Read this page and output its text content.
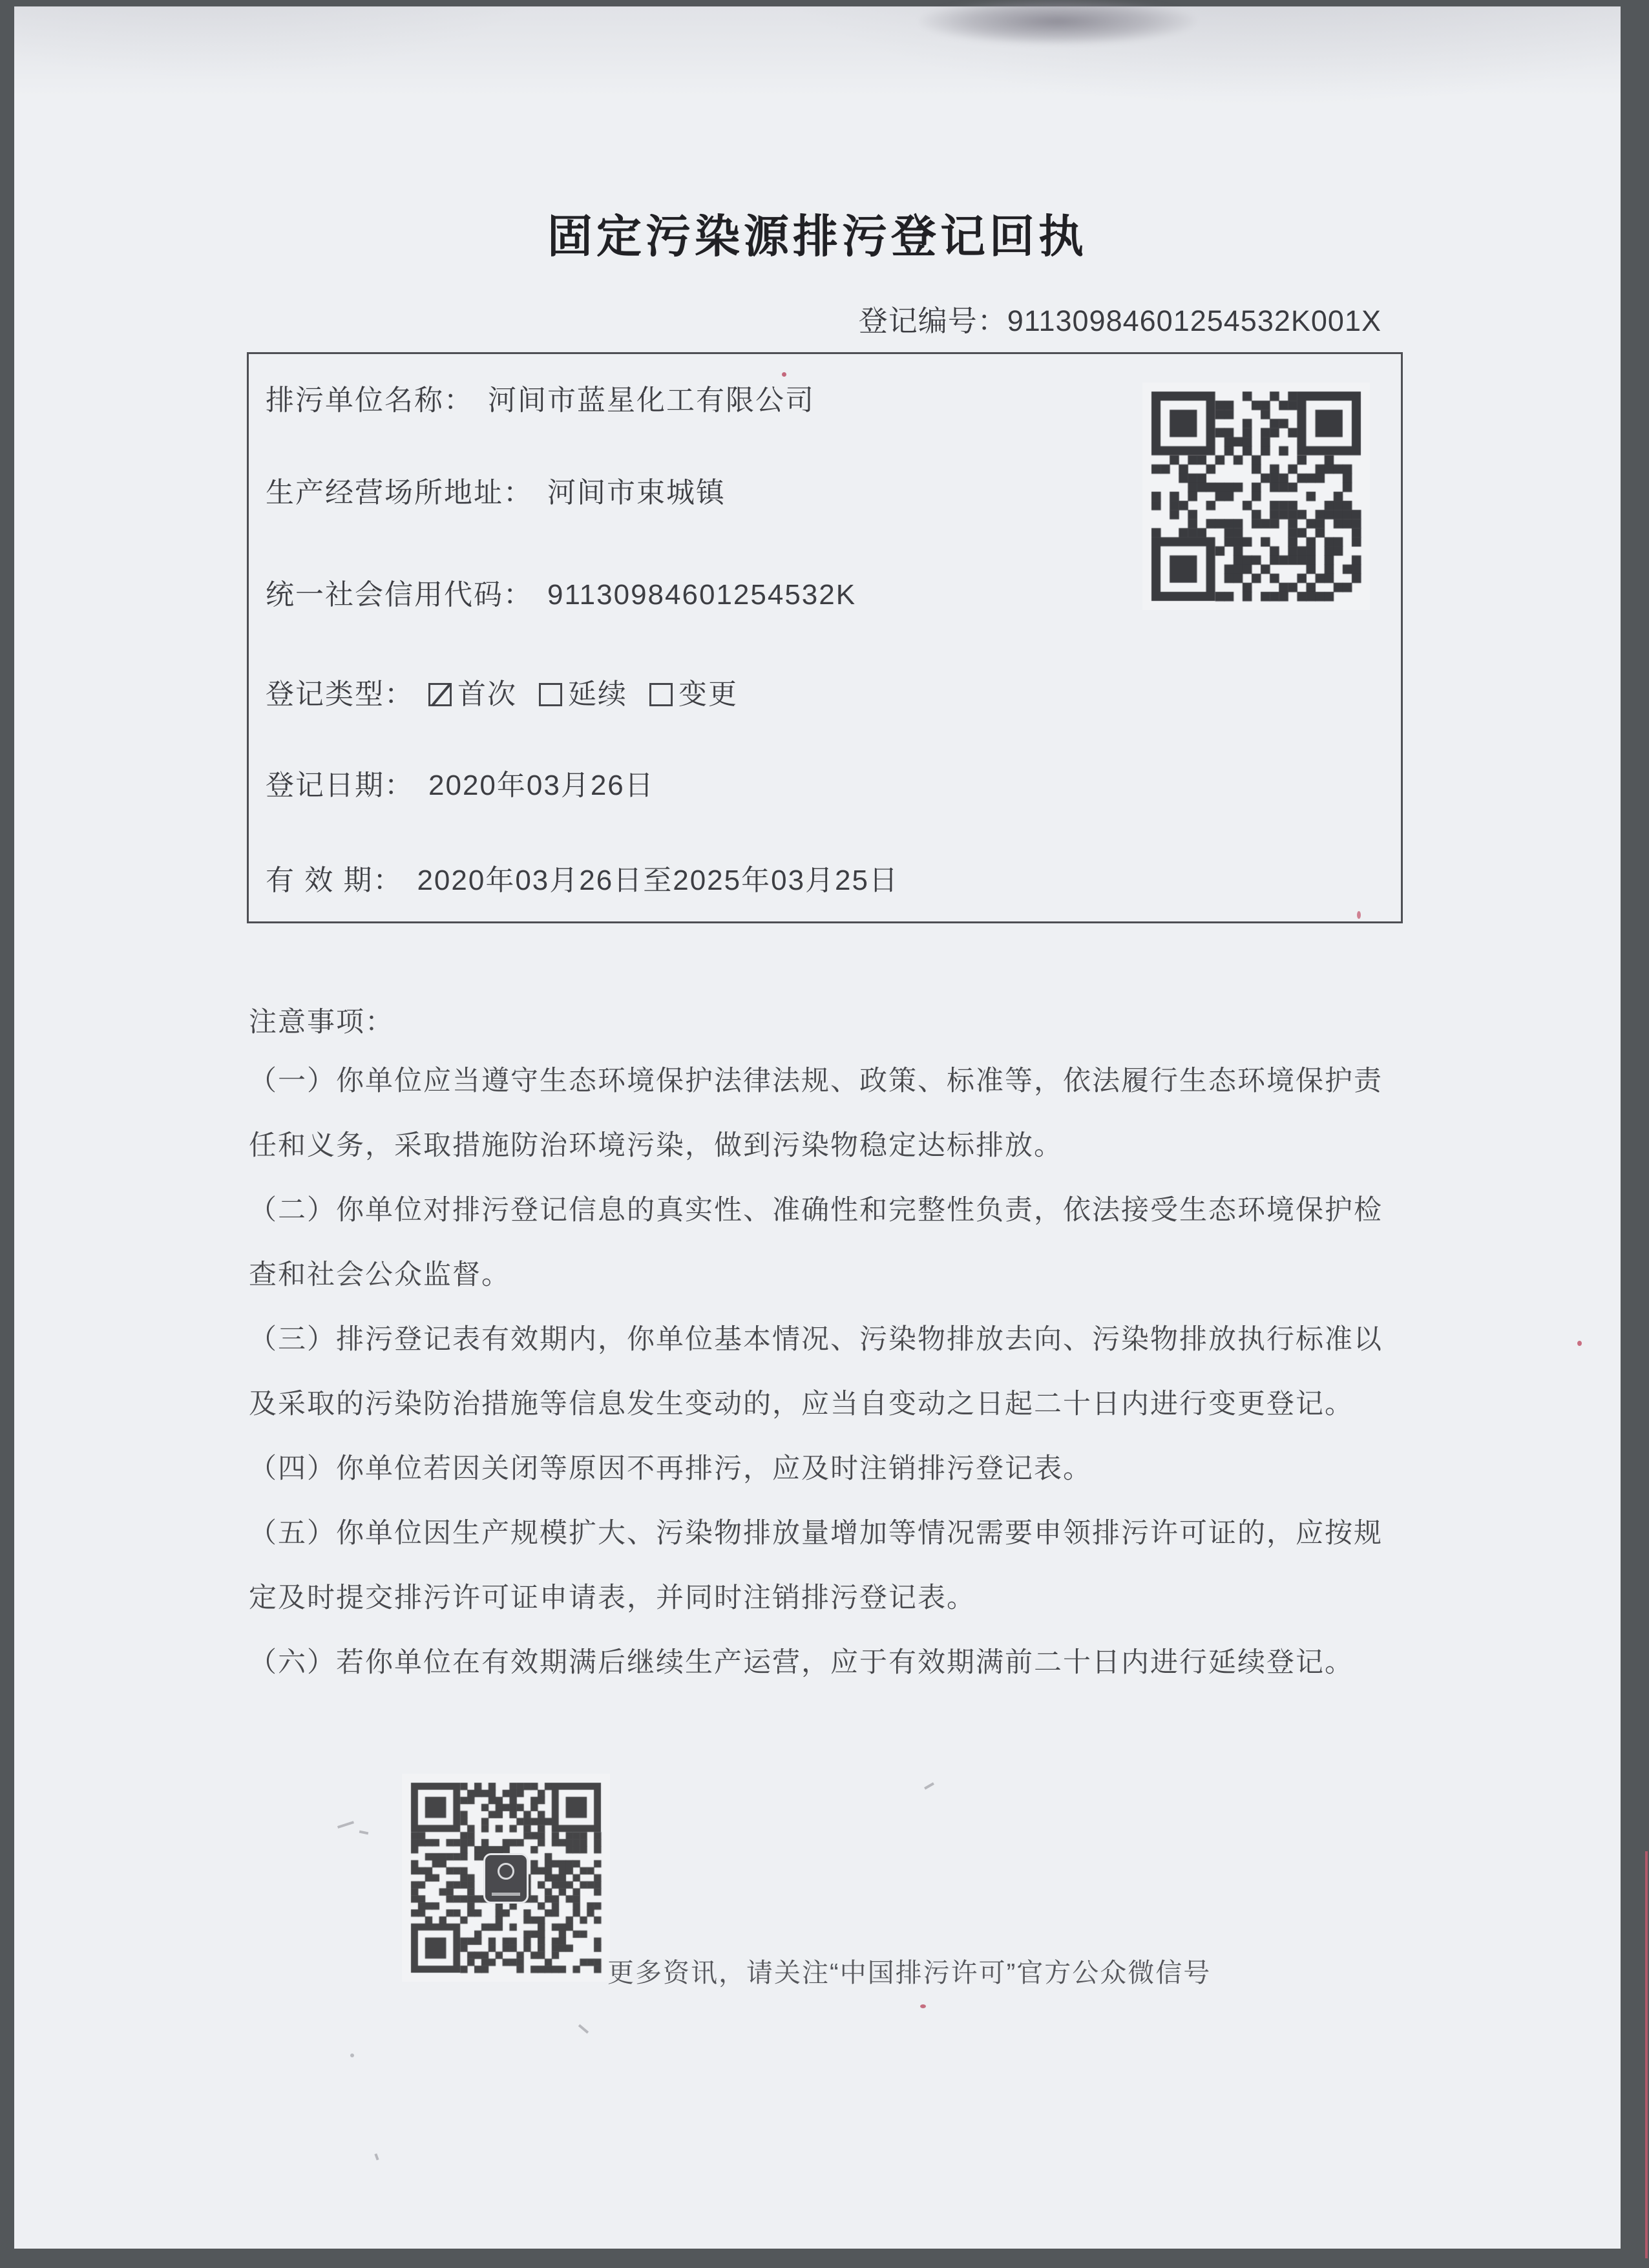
固定污染源排污登记回执
登记编号：91130984601254532K001X
排污单位名称： 河间市蓝星化工有限公司
生产经营场所地址： 河间市束城镇
统一社会信用代码： 91130984601254532K
登记类型： 首次 延续 变更
登记日期： 2020年03月26日
有 效 期： 2020年03月26日至2025年03月25日
注意事项：
（一）你单位应当遵守生态环境保护法律法规、政策、标准等，依法履行生态环境保护责
任和义务，采取措施防治环境污染，做到污染物稳定达标排放。
（二）你单位对排污登记信息的真实性、准确性和完整性负责，依法接受生态环境保护检
查和社会公众监督。
（三）排污登记表有效期内，你单位基本情况、污染物排放去向、污染物排放执行标准以
及采取的污染防治措施等信息发生变动的，应当自变动之日起二十日内进行变更登记。
（四）你单位若因关闭等原因不再排污，应及时注销排污登记表。
（五）你单位因生产规模扩大、污染物排放量增加等情况需要申领排污许可证的，应按规
定及时提交排污许可证申请表，并同时注销排污登记表。
（六）若你单位在有效期满后继续生产运营，应于有效期满前二十日内进行延续登记。
更多资讯，请关注“中国排污许可”官方公众微信号
